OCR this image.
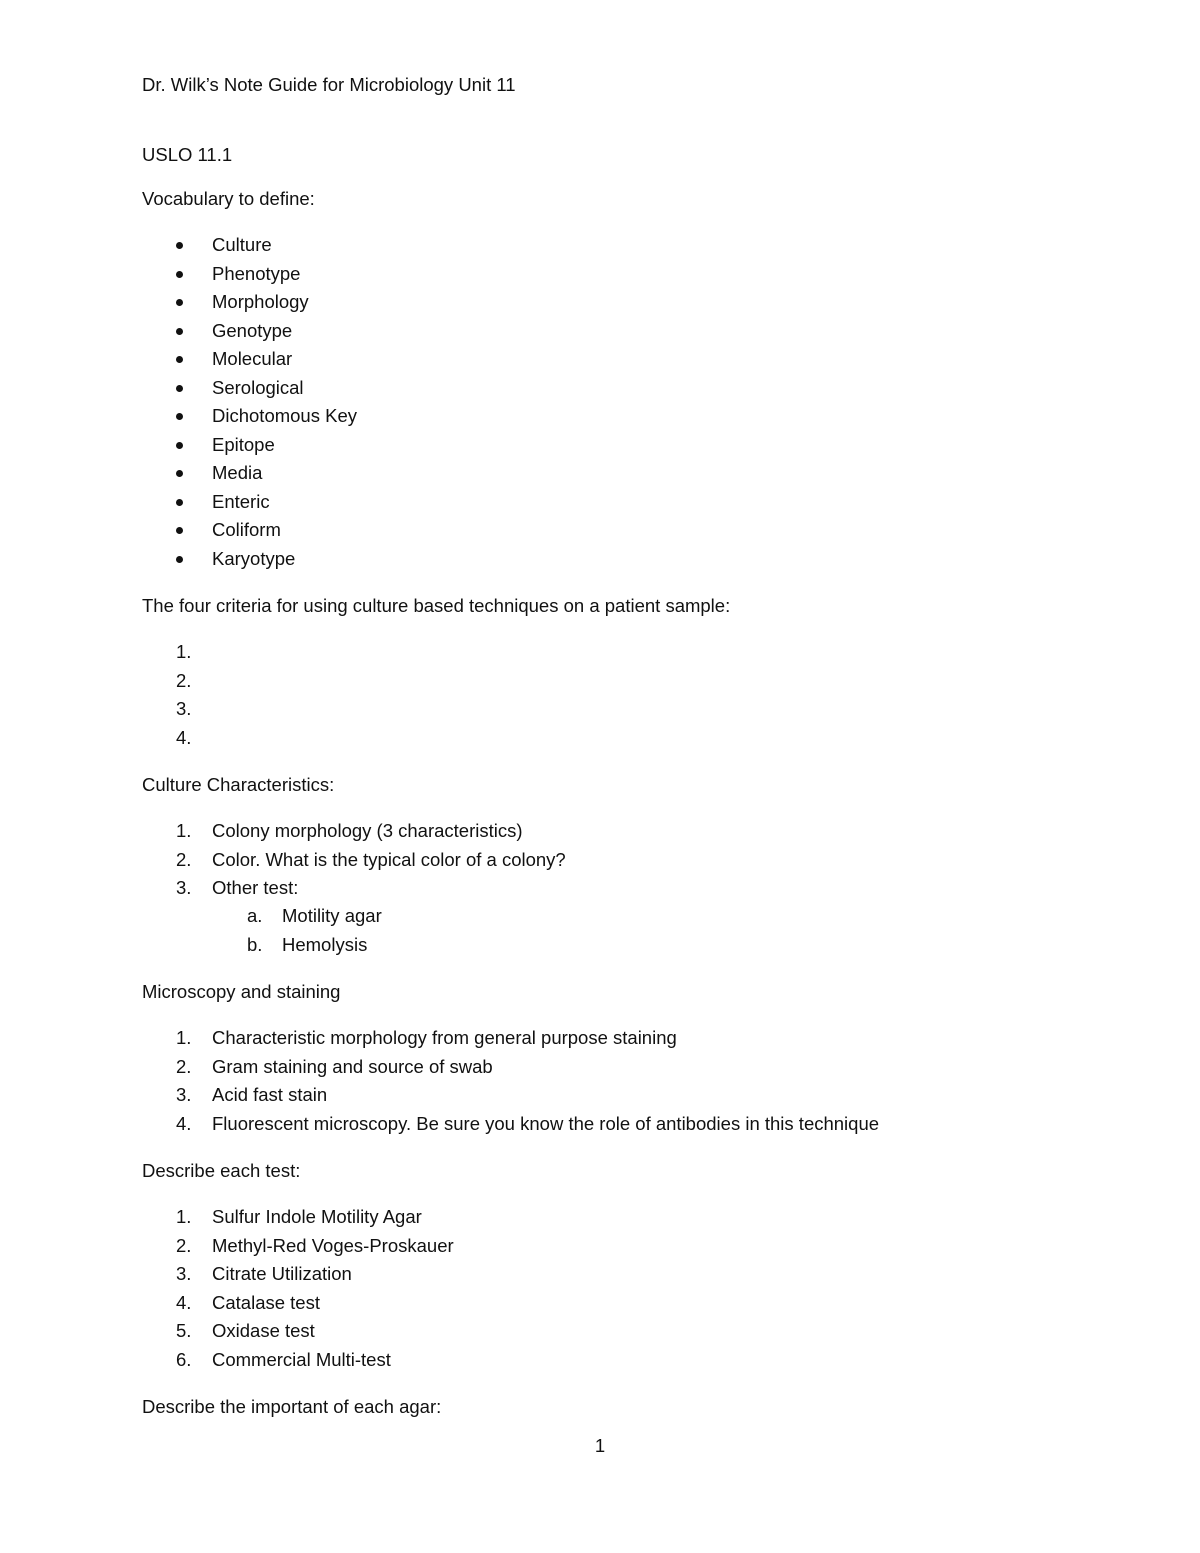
Dr. Wilk’s Note Guide for Microbiology Unit 11
USLO 11.1

Vocabulary to define:

Culture
Phenotype
Morphology
Genotype
Molecular
Serological
Dichotomous Key
Epitope
Media
Enteric
Coliform
Karyotype

The four criteria for using culture based techniques on a patient sample:

1.
2.
3.
4.

Culture Characteristics:

1. Colony morphology (3 characteristics)
2. Color. What is the typical color of a colony?
3. Other test:
a. Motility agar
b. Hemolysis

Microscopy and staining

1. Characteristic morphology from general purpose staining
2. Gram staining and source of swab
3. Acid fast stain
4. Fluorescent microscopy. Be sure you know the role of antibodies in this technique

Describe each test:

1. Sulfur Indole Motility Agar
2. Methyl-Red Voges-Proskauer
3. Citrate Utilization
4. Catalase test
5. Oxidase test
6. Commercial Multi-test

Describe the important of each agar:

1
